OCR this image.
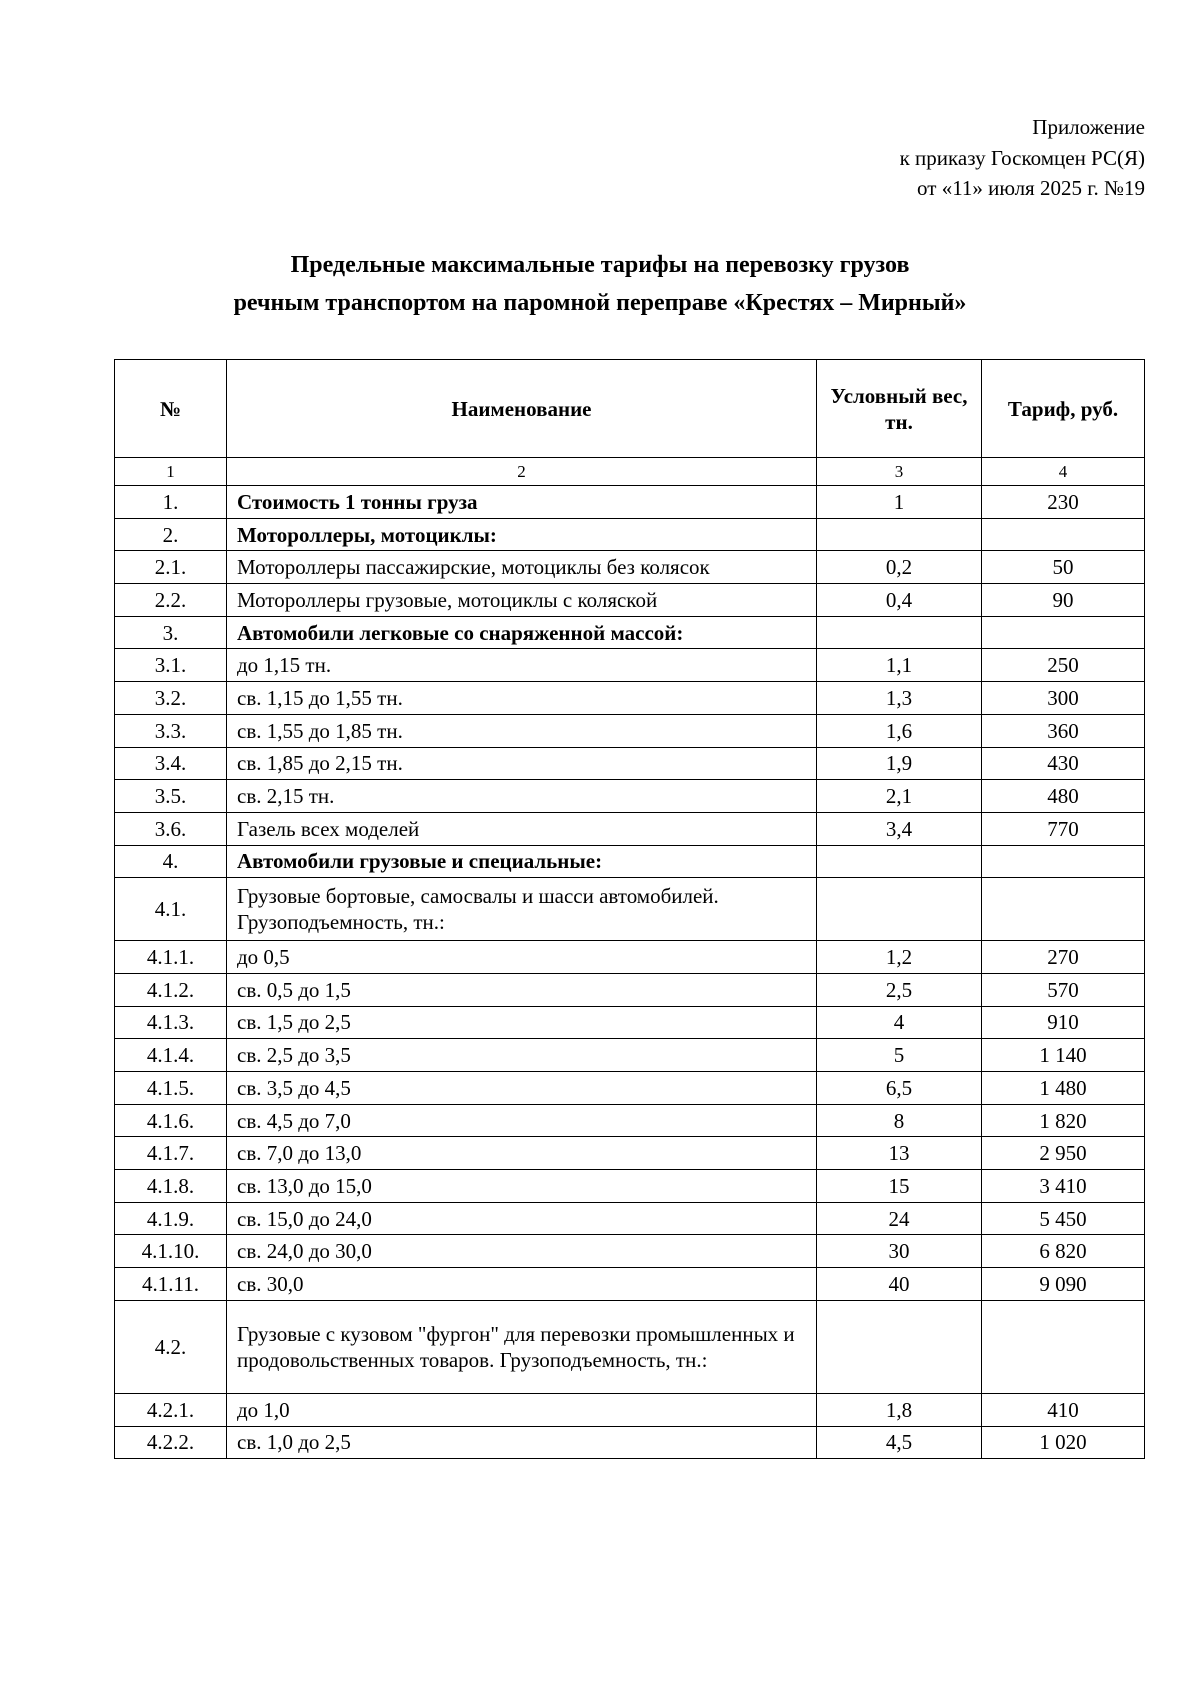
Приложение
к приказу Госкомцен РС(Я)
от «11» июля 2025 г. №19
Предельные максимальные тарифы на перевозку грузов
речным транспортом на паромной переправе «Крестях – Мирный»
№	Наименование	Условный вес, тн.	Тариф, руб.
1	2	3	4
1.	Стоимость 1 тонны груза	1	230
2.	Мотороллеры, мотоциклы:		
2.1.	Мотороллеры пассажирские, мотоциклы без колясок	0,2	50
2.2.	Мотороллеры грузовые, мотоциклы с коляской	0,4	90
3.	Автомобили легковые со снаряженной массой:		
3.1.	до 1,15 тн.	1,1	250
3.2.	св. 1,15 до 1,55 тн.	1,3	300
3.3.	св. 1,55 до 1,85 тн.	1,6	360
3.4.	св. 1,85 до 2,15 тн.	1,9	430
3.5.	св. 2,15 тн.	2,1	480
3.6.	Газель всех моделей	3,4	770
4.	Автомобили грузовые и специальные:		
4.1.	Грузовые бортовые, самосвалы и шасси автомобилей. Грузоподъемность, тн.:		
4.1.1.	до 0,5	1,2	270
4.1.2.	св. 0,5 до 1,5	2,5	570
4.1.3.	св. 1,5 до 2,5	4	910
4.1.4.	св. 2,5 до 3,5	5	1 140
4.1.5.	св. 3,5 до 4,5	6,5	1 480
4.1.6.	св. 4,5 до 7,0	8	1 820
4.1.7.	св. 7,0 до 13,0	13	2 950
4.1.8.	св. 13,0 до 15,0	15	3 410
4.1.9.	св. 15,0 до 24,0	24	5 450
4.1.10.	св. 24,0 до 30,0	30	6 820
4.1.11.	св. 30,0	40	9 090
4.2.	Грузовые с кузовом "фургон" для перевозки промышленных и продовольственных товаров. Грузоподъемность, тн.:		
4.2.1.	до 1,0	1,8	410
4.2.2.	св. 1,0 до 2,5	4,5	1 020
